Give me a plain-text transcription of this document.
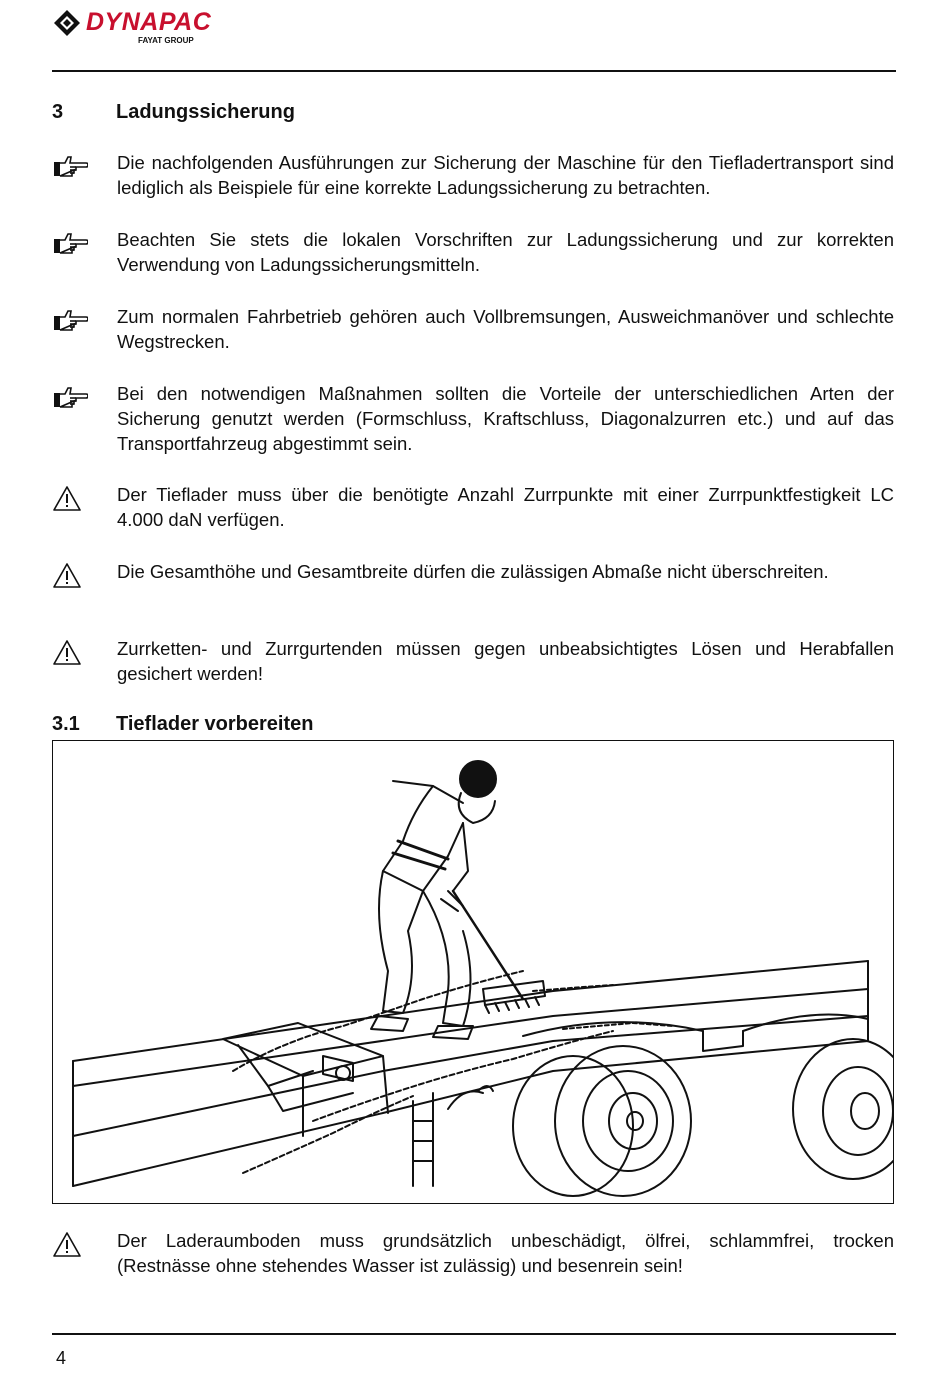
DYNAPAC
FAYAT GROUP
3	Ladungssicherung
Die nachfolgenden Ausführungen zur Sicherung der Maschine für den Tiefladertransport sind lediglich als Beispiele für eine korrekte Ladungssicherung zu betrachten.
Beachten Sie stets die lokalen Vorschriften zur Ladungssicherung und zur korrekten Verwendung von Ladungssicherungsmitteln.
Zum normalen Fahrbetrieb gehören auch Vollbremsungen, Ausweichmanöver und schlechte Wegstrecken.
Bei den notwendigen Maßnahmen sollten die Vorteile der unterschiedlichen Arten der Sicherung genutzt werden (Formschluss, Kraftschluss, Diagonalzurren etc.) und auf das Transportfahrzeug abgestimmt sein.
Der Tieflader muss über die benötigte Anzahl Zurrpunkte mit einer Zurrpunktfestigkeit LC 4.000 daN verfügen.
Die Gesamthöhe und Gesamtbreite dürfen die zulässigen Abmaße nicht überschreiten.
Zurrketten- und Zurrgurtenden müssen gegen unbeabsichtigtes Lösen und Herabfallen gesichert werden!
3.1 Tieflader vorbereiten
Der Laderaumboden muss grundsätzlich unbeschädigt, ölfrei, schlammfrei, trocken (Restnässe ohne stehendes Wasser ist zulässig) und besenrein sein!
4
